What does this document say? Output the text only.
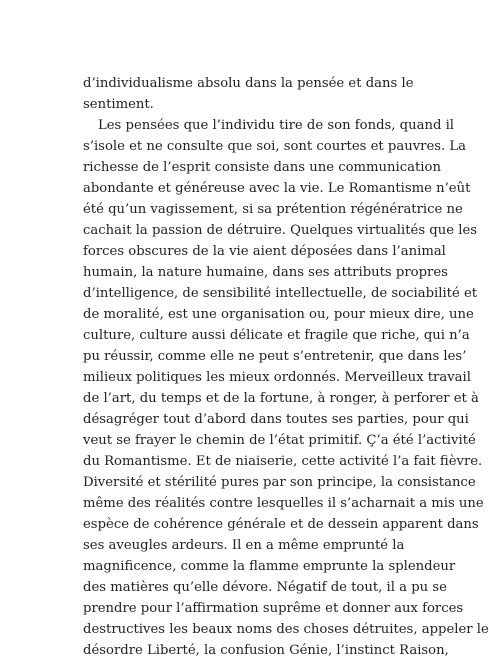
d’individualisme absolu dans la pensée et dans le
sentiment.
Les pensées que l’individu tire de son fonds, quand il
s’isole et ne consulte que soi, sont courtes et pauvres. La
richesse de l’esprit consiste dans une communication
abondante et généreuse avec la vie. Le Romantisme n’eût
été qu’un vagissement, si sa prétention régénératrice ne
cachait la passion de détruire. Quelques virtualités que les
forces obscures de la vie aient déposées dans l’animal
humain, la nature humaine, dans ses attributs propres
d’intelligence, de sensibilité intellectuelle, de sociabilité et
de moralité, est une organisation ou, pour mieux dire, une
culture, culture aussi délicate et fragile que riche, qui n’a
pu réussir, comme elle ne peut s’entretenir, que dans les’
milieux politiques les mieux ordonnés. Merveilleux travail
de l’art, du temps et de la fortune, à ronger, à perforer et à
désagréger tout d’abord dans toutes ses parties, pour qui
veut se frayer le chemin de l’état primitif. Ç’a été l’activité
du Romantisme. Et de niaiserie, cette activité l’a fait fièvre.
Diversité et stérilité pures par son principe, la consistance
même des réalités contre lesquelles il s’acharnait a mis une
espèce de cohérence générale et de dessein apparent dans
ses aveugles ardeurs. Il en a même emprunté la
magnificence, comme la flamme emprunte la splendeur
des matières qu’elle dévore. Négatif de tout, il a pu se
prendre pour l’affirmation suprême et donner aux forces
destructives les beaux noms des choses détruites, appeler le
désordre Liberté, la confusion Génie, l’instinct Raison,
